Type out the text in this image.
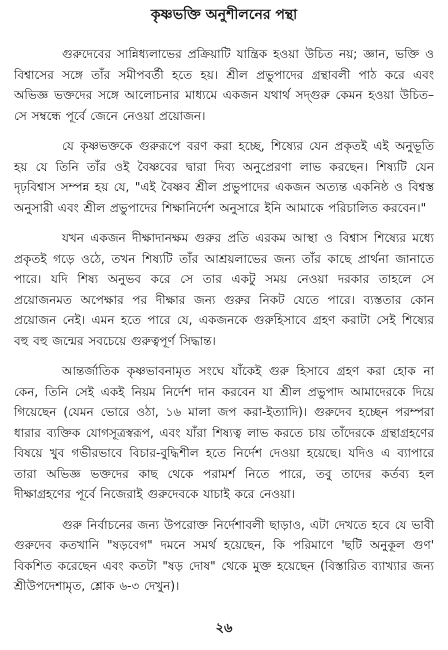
কৃষ্ণভক্তি অনুশীলনের পন্থা

গুরুদেবের সান্নিধ্যলাভের প্রক্রিয়াটি যান্ত্রিক হওয়া উচিত নয়; জ্ঞান, ভক্তি ও বিশ্বাসের সঙ্গে তাঁর সমীপবর্তী হতে হয়। শ্রীল প্রভুপাদের গ্রন্থাবলী পাঠ করে এবং অভিজ্ঞ ভক্তদের সঙ্গে আলোচনার মাধ্যমে একজন যথার্থ সদ্গুরু কেমন হওয়া উচিত– সে সম্বন্ধে পূর্বে জেনে নেওয়া প্রয়োজন।

যে কৃষ্ণভক্তকে গুরুরূপে বরণ করা হচ্ছে, শিষ্যের যেন প্রকৃতই এই অনুভূতি হয় যে তিনি তাঁর ওই বৈষ্ণবের দ্বারা দিব্য অনুপ্রেরণা লাভ করছেন। শিষ্যটি যেন দৃঢ়বিশ্বাস সম্পন্ন হয় যে, "এই বৈষ্ণব শ্রীল প্রভুপাদের একজন অত্যন্ত একনিষ্ঠ ও বিশ্বস্ত অনুসারী এবং শ্রীল প্রভুপাদের শিক্ষানির্দেশ অনুসারে ইনি আমাকে পরিচালিত করবেন।"

যখন একজন দীক্ষাদানক্ষম গুরুর প্রতি এরকম আস্থা ও বিশ্বাস শিষ্যের মধ্যে প্রকৃতই গড়ে ওঠে, তখন শিষ্যটি তাঁর আশ্রয়লাভের জন্য তাঁর কাছে প্রার্থনা জানাতে পারে। যদি শিষ্য অনুভব করে সে তার একটু সময় নেওয়া দরকার তাহলে সে প্রয়োজনমত অপেক্ষার পর দীক্ষার জন্য গুরুর নিকট যেতে পারে। ব্যস্ততার কোন প্রয়োজন নেই। এমন হতে পারে যে, একজনকে গুরুহিসাবে গ্রহণ করাটা সেই শিষ্যের বহু বহু জন্মের সবচেয়ে গুরুত্বপূর্ণ সিদ্ধান্ত।

আন্তর্জাতিক কৃষ্ণভাবনামৃত সংঘে যাঁকেই গুরু হিসাবে গ্রহণ করা হোক না কেন, তিনি সেই একই নিয়ম নির্দেশ দান করবেন যা শ্রীল প্রভুপাদ আমাদেরকে দিয়ে গিয়েছেন (যেমন ভোরে ওঠা, ১৬ মালা জপ করা-ইত্যাদি)। গুরুদেব হচ্ছেন পরম্পরা ধারার ব্যক্তিক যোগসূত্রস্বরূপ, এবং যাঁরা শিষ্যত্ব লাভ করতে চায় তাঁদেরকে গ্রন্থাগ্রহণের বিষয়ে খুব গভীরভাবে বিচার-বুদ্ধিশীল হতে নির্দেশ দেওয়া হয়েছে। যদিও এ ব্যাপারে তারা অভিজ্ঞ ভক্তদের কাছ থেকে পরামর্শ নিতে পারে, তবু তাদের কর্তব্য হল দীক্ষাগ্রহণের পূর্বে নিজেরাই গুরুদেবকে যাচাই করে নেওয়া।

গুরু নির্বাচনের জন্য উপরোক্ত নির্দেশাবলী ছাড়াও, এটা দেখতে হবে যে ভাবী গুরুদেব কতখানি "ষড়বেগ" দমনে সমর্থ হয়েছেন, কি পরিমাণে 'ছটি অনুকূল গুণ' বিকশিত করেছেন এবং কতটা "ষড় দোষ" থেকে মুক্ত হয়েছেন (বিস্তারিত ব্যাখ্যার জন্য শ্রীউপদেশামৃত, শ্লোক ৬-৩ দেখুন)।

২৬
